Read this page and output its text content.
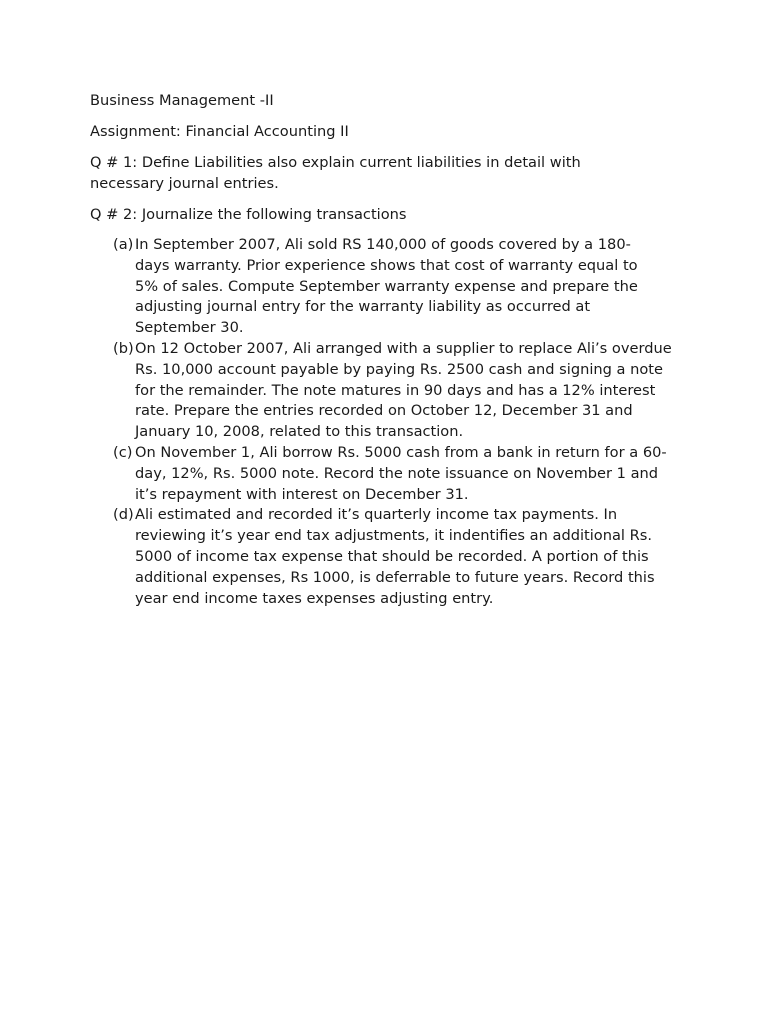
Business Management -II

Assignment: Financial Accounting II

Q # 1: Define Liabilities also explain current liabilities in detail with necessary journal entries.

Q # 2: Journalize the following transactions

(a) In September 2007, Ali sold RS 140,000 of goods covered by a 180-days warranty. Prior experience shows that cost of warranty equal to 5% of sales. Compute September warranty expense and prepare the adjusting journal entry for the warranty liability as occurred at September 30.
(b) On 12 October 2007, Ali arranged with a supplier to replace Ali’s overdue Rs. 10,000 account payable by paying Rs. 2500 cash and signing a note for the remainder. The note matures in 90 days and has a 12% interest rate. Prepare the entries recorded on October 12, December 31 and January 10, 2008, related to this transaction.
(c) On November 1, Ali borrow Rs. 5000 cash from a bank in return for a 60-day, 12%, Rs. 5000 note. Record the note issuance on November 1 and it’s repayment with interest on December 31.
(d) Ali estimated and recorded it’s quarterly income tax payments. In reviewing it’s year end tax adjustments, it indentifies an additional Rs. 5000 of income tax expense that should be recorded. A portion of this additional expenses, Rs 1000, is deferrable to future years. Record this year end income taxes expenses adjusting entry.
